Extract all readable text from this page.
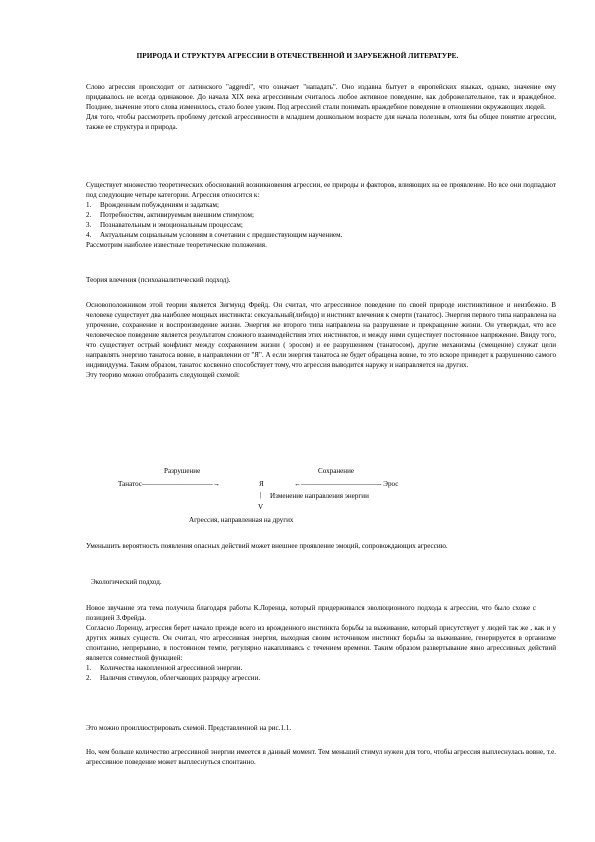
ПРИРОДА И СТРУКТУРА АГРЕССИИ В ОТЕЧЕСТВЕННОЙ И ЗАРУБЕЖНОЙ ЛИТЕРАТУРЕ.

Слово агрессия происходит от латинского "aggredi", что означает "нападать". Оно издавна бытует в европейских языках, однако, значение ему придавалось не всегда одинаковое. До начала XIX века агрессивным считалось любое активное поведение, как доброжелательное, так и враждебное. Позднее, значение этого слова изменилось, стало более узким. Под агрессией стали понимать враждебное поведение в отношении окружающих людей.

Для того, чтобы рассмотреть проблему детской агрессивности в младшем дошкольном возрасте для начала полезным, хотя бы общее понятие агрессии, также ее структура и природа.

Существует множество теоретических обоснований возникновения агрессии, ее природы и факторов, влияющих на ее проявление. Но все они подпадают под следующие четыре категории. Агрессия относится к:

1.	Врожденным побуждениям и задаткам;
2.	Потребностям, активируемым внешним стимулом;
3.	Познавательным и эмоциональным процессам;
4.	Актуальным социальным условиям в сочетании с предшествующим научением.

Рассмотрим наиболее известные теоретические положения.

Теория влечения (психоаналитический подход).

Основоположником этой теории является Зигмунд Фрейд. Он считал, что агрессивное поведение по своей природе инстинктивное и неизбежно. В человеке существует два наиболее мощных инстинкта: сексуальный(либидо) и инстинкт влечения к смерти (танатос). Энергия первого типа направлена на упрочение, сохранение и воспроизведение жизни. Энергия же второго типа направлена на разрушение и прекращение жизни. Он утверждал, что все человеческое поведение является результатом сложного взаимодействия этих инстинктов, и между ними существует постоянное напряжение. Ввиду того, что существует острый конфликт между сохранением жизни ( эросом) и ее разрушением (танатосом), другие механизмы (смещение) служат цели направлять энергию танатоса вовне, в направлении от "Я". А если энергия танатоса не будет обращена вовне, то это вскоре приведет к разрушению самого индивидуума. Таким образом, танатос косвенно способствует тому, что агрессия выводится наружу и направляется на других.

Эту теорию можно отобразить следующей схемой:

Разрушение	Сохранение
Танатос——————————→	Я	←———————————- Эрос
| Изменение направления энергии
V
Агрессия, направленная на других
Уменьшить вероятность появления опасных действий может внешнее проявление эмоций, сопровождающих агрессию.
Экологический подход.

Новое звучание эта тема получила благодаря работы К.Лоренца, который придерживался эволюционного подхода к агрессии, что было схоже с позицией З.Фрейда.

Согласно Лоренцу, агрессия берет начало прежде всего из врожденного инстинкта борьбы за выживание, который присутствует у людей так же , как и у других живых существ. Он считал, что агрессивная энергия, выходная своим источником инстинкт борьбы за выживание, генерируется в организме спонтанно, непрерывно, в постоянном темпе, регулярно накапливаясь с течением времени. Таким образом развертывание явно агрессивных действий является совместной функцией:

1.	Количества накопленной агрессивной энергии.
2.	Наличия стимулов, облегчающих разрядку агрессии.
Это можно проиллюстрировать схемой. Представленной на рис.1.1.

Но, чем больше количество агрессивной энергии имеется в данный момент. Тем меньший стимул нужен для того, чтобы агрессия выплеснулась вовне, т.е. агрессивное поведение может выплеснуться спонтанно.
